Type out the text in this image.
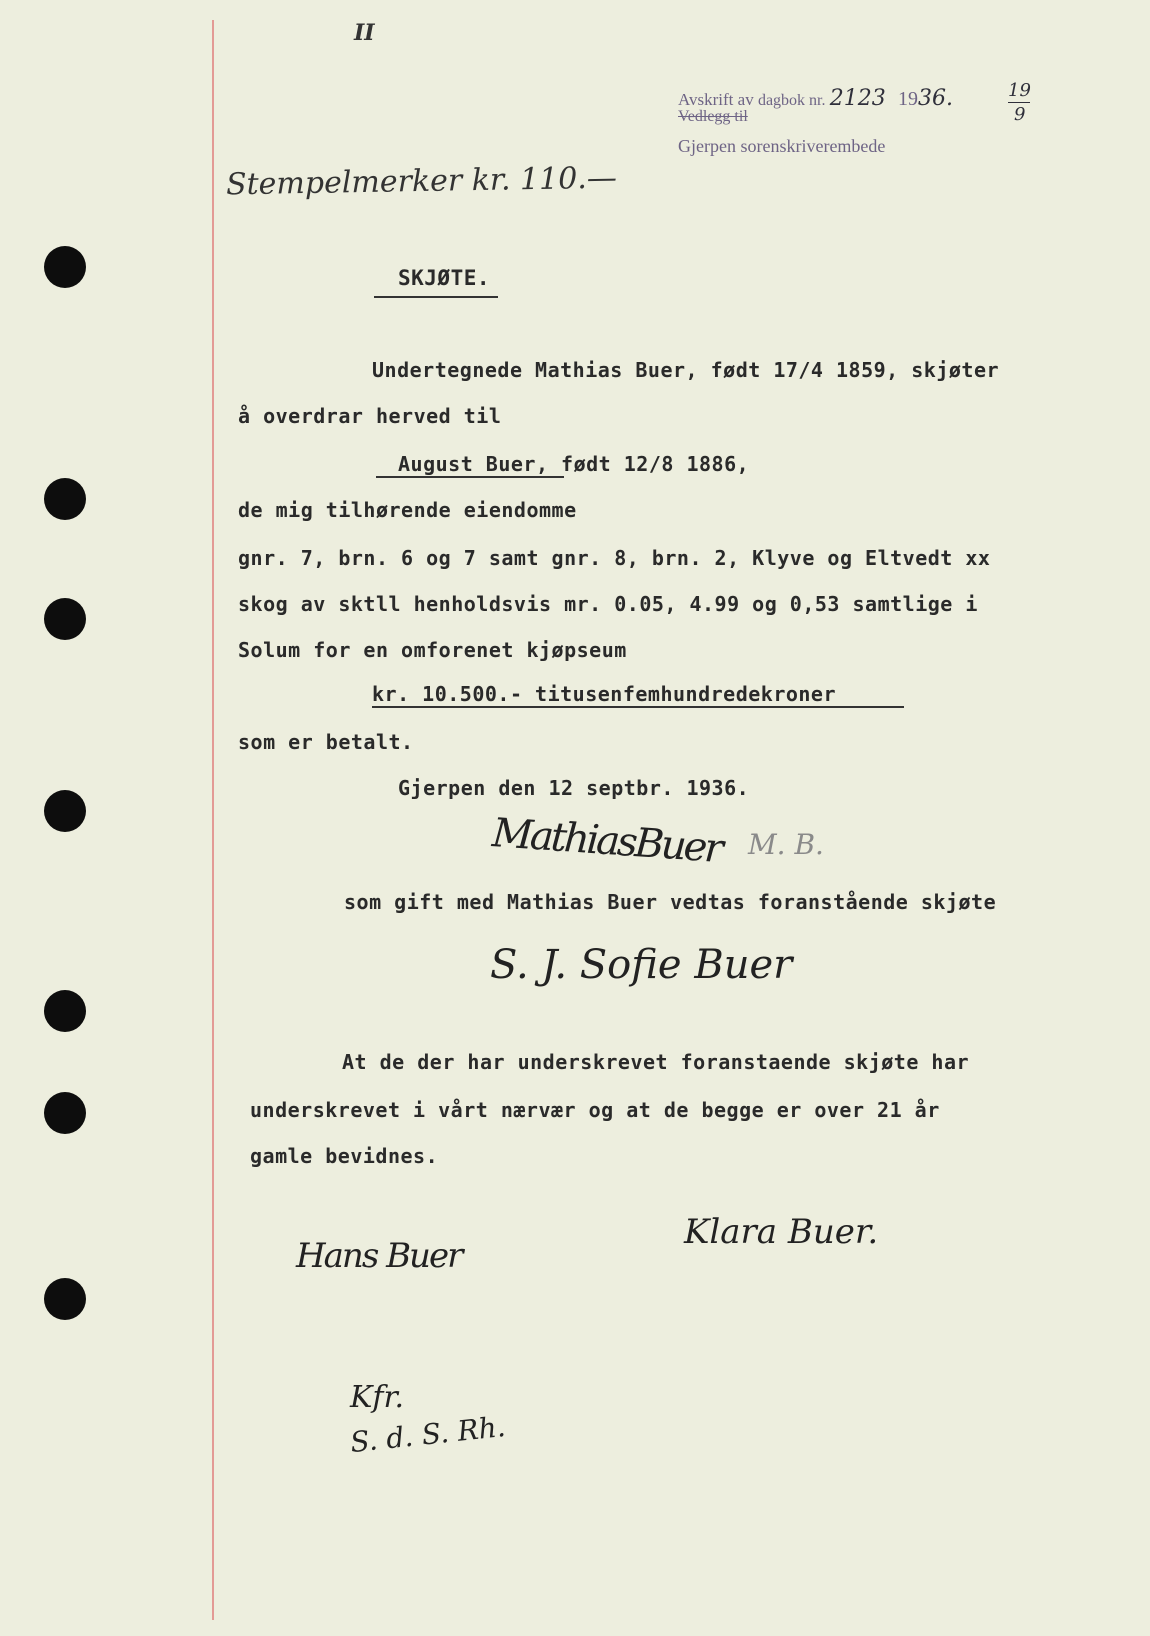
II
Avskrift av dagbok nr. 2123 1936.	19
9
Vedlegg til
Gjerpen sorenskriverembede
Stempelmerker kr. 110.—
SKJØTE.
Undertegnede Mathias Buer, født 17/4 1859, skjøter
å overdrar herved til
August Buer, født 12/8 1886,
de mig tilhørende eiendomme
gnr. 7, brn. 6 og 7 samt gnr. 8, brn. 2, Klyve og Eltvedt xx
skog av sktll henholdsvis mr. 0.05, 4.99 og 0,53 samtlige i
Solum for en omforenet kjøpseum
kr. 10.500.- titusenfemhundredekroner
som er betalt.
Gjerpen den 12 septbr. 1936.
MathiasBuer M. B.
som gift med Mathias Buer vedtas foranstående skjøte
S. J. Sofie Buer
At de der har underskrevet foranstaende skjøte har
underskrevet i vårt nærvær og at de begge er over 21 år
gamle bevidnes.
Klara Buer.
Hans Buer
Kfr.
S. d. S. Rh.
